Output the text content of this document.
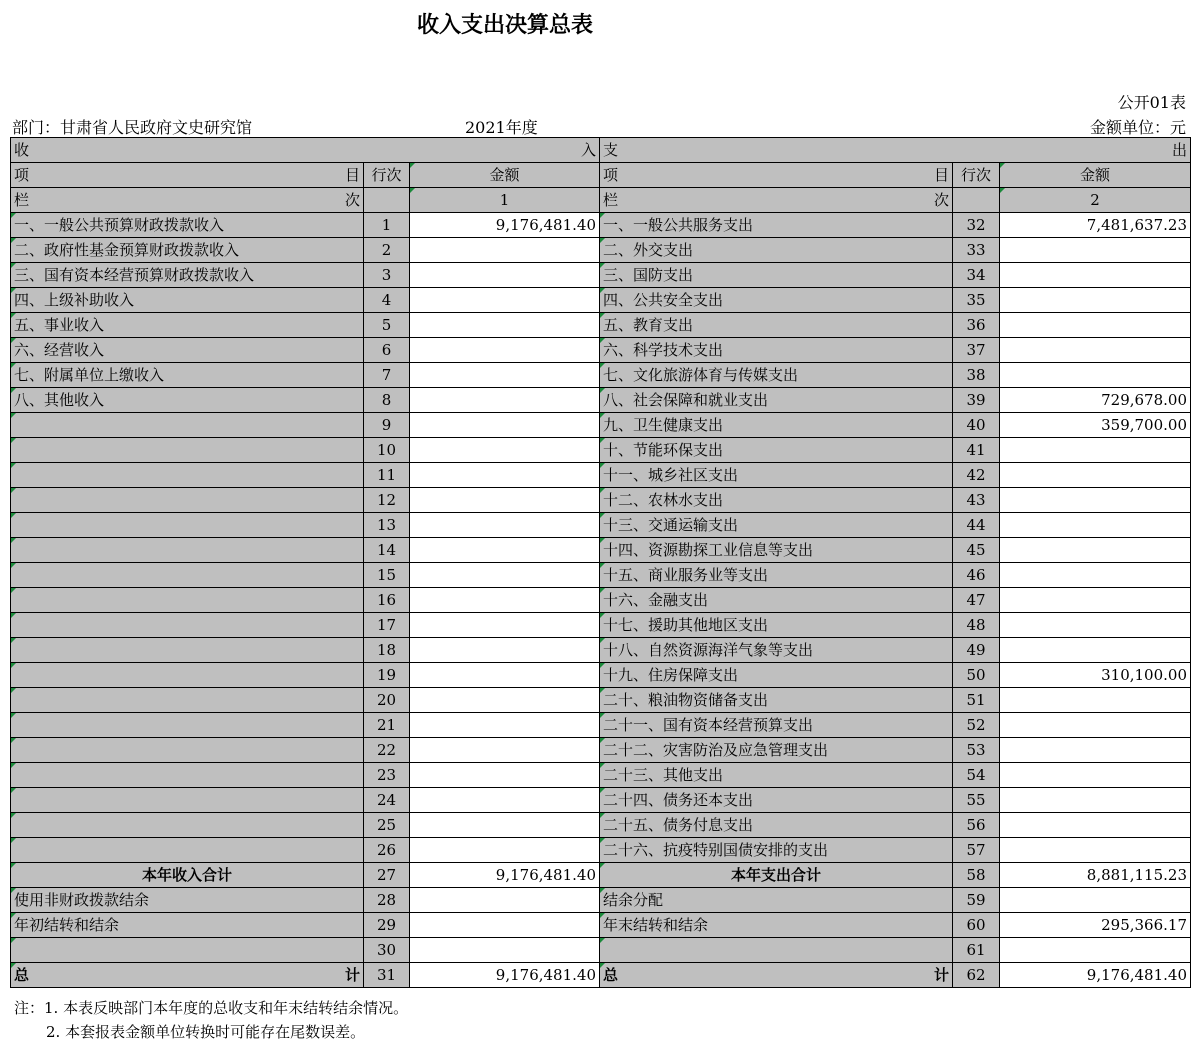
收入支出决算总表
公开01表
部门：甘肃省人民政府文史研究馆	2021年度	金额单位：元
收 入			支 出		

项 目	行次	金额	项 目	行次	金额

栏 次		1	栏 次		2
一、一般公共预算财政拨款收入	1	9,176,481.40	一、一般公共服务支出	32	7,481,637.23
二、政府性基金预算财政拨款收入	2		二、外交支出	33	
三、国有资本经营预算财政拨款收入	3		三、国防支出	34	
四、上级补助收入	4		四、公共安全支出	35	
五、事业收入	5		五、教育支出	36	
六、经营收入	6		六、科学技术支出	37	
七、附属单位上缴收入	7		七、文化旅游体育与传媒支出	38	
八、其他收入	8		八、社会保障和就业支出	39	729,678.00
	9		九、卫生健康支出	40	359,700.00
	10		十、节能环保支出	41	
	11		十一、城乡社区支出	42	
	12		十二、农林水支出	43	
	13		十三、交通运输支出	44	
	14		十四、资源勘探工业信息等支出	45	
	15		十五、商业服务业等支出	46	
	16		十六、金融支出	47	
	17		十七、援助其他地区支出	48	
	18		十八、自然资源海洋气象等支出	49	
	19		十九、住房保障支出	50	310,100.00
	20		二十、粮油物资储备支出	51	
	21		二十一、国有资本经营预算支出	52	
	22		二十二、灾害防治及应急管理支出	53	
	23		二十三、其他支出	54	
	24		二十四、债务还本支出	55	
	25		二十五、债务付息支出	56	
	26		二十六、抗疫特别国债安排的支出	57	
本年收入合计	27	9,176,481.40	本年支出合计	58	8,881,115.23
使用非财政拨款结余	28		结余分配	59	
年初结转和结余	29		年末结转和结余	60	295,366.17
	30			61	

总 计	31	9,176,481.40	总 计	62	9,176,481.40
注：1. 本表反映部门本年度的总收支和年末结转结余情况。
2. 本套报表金额单位转换时可能存在尾数误差。
